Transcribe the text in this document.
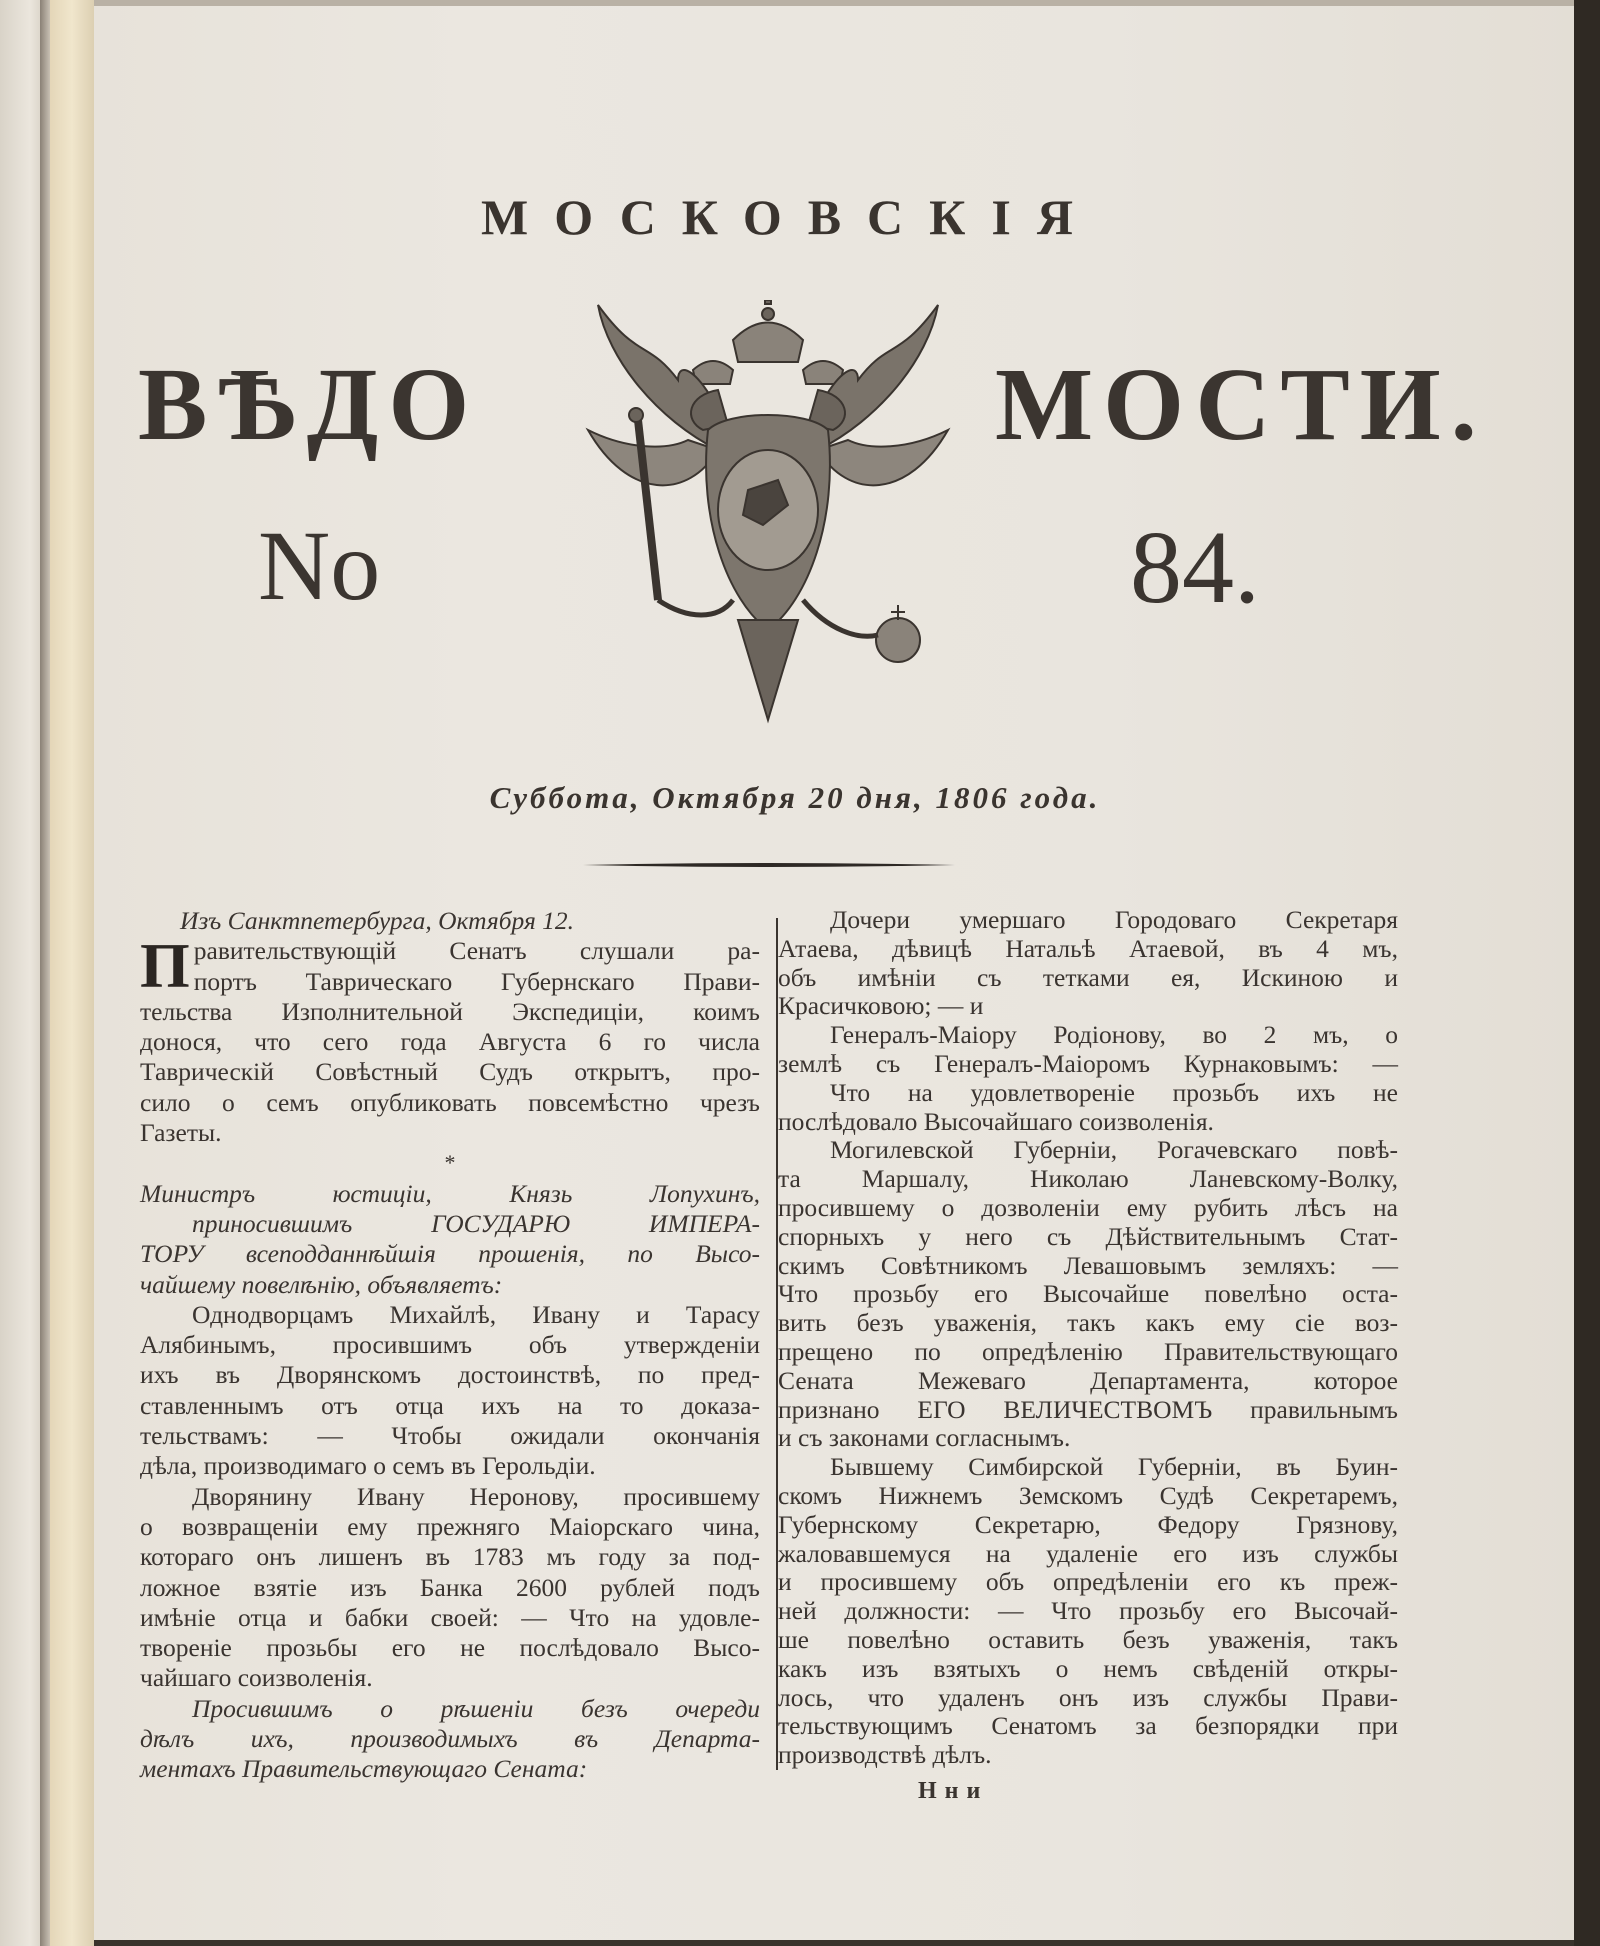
МОСКОВСКІЯ
ВѢДО	МОСТИ.
No	84.
Суббота, Октября 20 дня, 1806 года.
Изъ Санктпетербурга, Октября 12.
Правительствующій Сенатъ слушали ра-
портъ Таврическаго Губернскаго Прави-
тельства Изполнительной Экспедиціи, коимъ
донося, что сего года Августа 6 го числа
Таврическій Совѣстный Судъ открытъ, про-
сило о семъ опубликовать повсемѣстно чрезъ
Газеты.
*
Министръ юстиціи, Князь Лопухинъ,
приносившимъ ГОСУДАРЮ ИМПЕРА-
ТОРУ всеподданнѣйшія прошенія, по Высо-
чайшему повелѣнію, объявляетъ:
Однодворцамъ Михайлѣ, Ивану и Тарасу
Алябинымъ, просившимъ объ утвержденіи
ихъ въ Дворянскомъ достоинствѣ, по пред-
ставленнымъ отъ отца ихъ на то доказа-
тельствамъ: — Чтобы ожидали окончанія
дѣла, производимаго о семъ въ Герольдіи.
Дворянину Ивану Неронову, просившему
о возвращеніи ему прежняго Маіорскаго чина,
котораго онъ лишенъ въ 1783 мъ году за под-
ложное взятіе изъ Банка 2600 рублей подъ
имѣніе отца и бабки своей: — Что на удовле-
твореніе прозьбы его не послѣдовало Высо-
чайшаго соизволенія.
Просившимъ о рѣшеніи безъ очереди
дѣлъ ихъ, производимыхъ въ Департа-
ментахъ Правительствующаго Сената:
Дочери умершаго Городоваго Секретаря
Атаева, дѣвицѣ Натальѣ Атаевой, въ 4 мъ,
объ имѣніи съ тетками ея, Искиною и
Красичковою; — и
Генералъ-Маіору Родіонову, во 2 мъ, о
землѣ съ Генералъ-Маіоромъ Курнаковымъ: —
Что на удовлетвореніе прозьбъ ихъ не
послѣдовало Высочайшаго соизволенія.
Могилевской Губерніи, Рогачевскаго повѣ-
та Маршалу, Николаю Ланевскому-Волку,
просившему о дозволеніи ему рубить лѣсъ на
спорныхъ у него съ Дѣйствительнымъ Стат-
скимъ Совѣтникомъ Левашовымъ земляхъ: —
Что прозьбу его Высочайше повелѣно оста-
вить безъ уваженія, такъ какъ ему сіе воз-
прещено по опредѣленію Правительствующаго
Сената Межеваго Департамента, которое
признано ЕГО ВЕЛИЧЕСТВОМЪ правильнымъ
и съ законами согласнымъ.
Бывшему Симбирской Губерніи, въ Буин-
скомъ Нижнемъ Земскомъ Судѣ Секретаремъ,
Губернскому Секретарю, Федору Грязнову,
жаловавшемуся на удаленіе его изъ службы
и просившему объ опредѣленіи его къ преж-
ней должности: — Что прозьбу его Высочай-
ше повелѣно оставить безъ уваженія, такъ
какъ изъ взятыхъ о немъ свѣденій откры-
лось, что удаленъ онъ изъ службы Прави-
тельствующимъ Сенатомъ за безпорядки при
производствѣ дѣлъ.
Нни
